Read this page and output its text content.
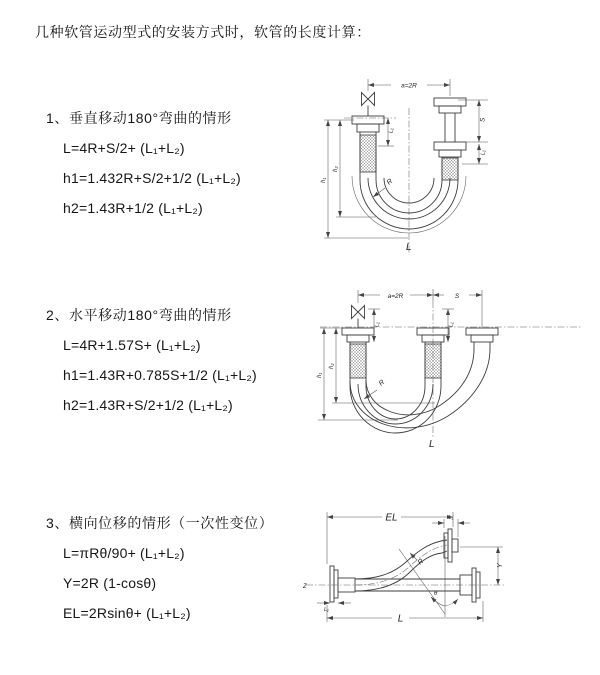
几种软管运动型式的安装方式时，软管的长度计算：
1、垂直移动180°弯曲的情形
L=4R+S/2+ (L₁+L₂)
h1=1.432R+S/2+1/2 (L₁+L₂)
h2=1.43R+1/2 (L₁+L₂)
2、水平移动180°弯曲的情形
L=4R+1.57S+ (L₁+L₂)
h1=1.43R+0.785S+1/2 (L₁+L₂)
h2=1.43R+S/2+1/2 (L₁+L₂)
3、横向位移的情形（一次性变位）
L=πRθ/90+ (L₁+L₂)
Y=2R (1-cosθ)
EL=2Rsinθ+ (L₁+L₂)
a=2R
R
L
h₁
h₂
L₁
S
L₁
a=2R	S
L₁	L₁
h₁
h₂
R
L
Z
L₁
EL
Y
θ
R
L
L₁
